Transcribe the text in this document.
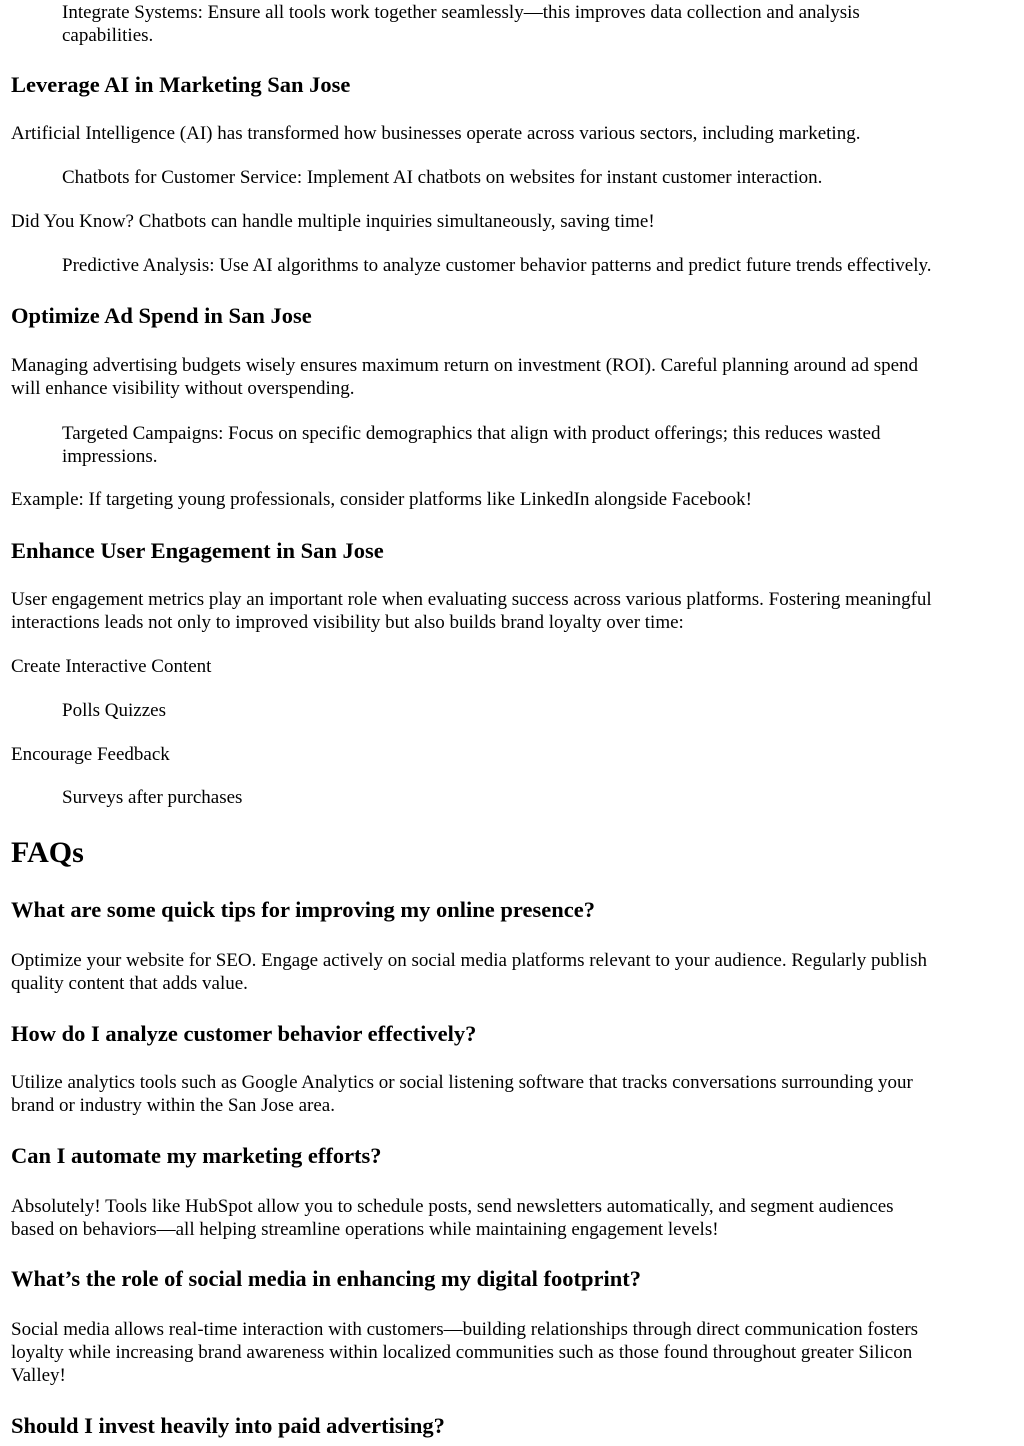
Integrate Systems: Ensure all tools work together seamlessly—this improves data collection and analysis

capabilities.

Leverage AI in Marketing San Jose

Artificial Intelligence (AI) has transformed how businesses operate across various sectors, including marketing.

Chatbots for Customer Service: Implement AI chatbots on websites for instant customer interaction.

Did You Know? Chatbots can handle multiple inquiries simultaneously, saving time!

Predictive Analysis: Use AI algorithms to analyze customer behavior patterns and predict future trends effectively.

Optimize Ad Spend in San Jose

Managing advertising budgets wisely ensures maximum return on investment (ROI). Careful planning around ad spend

will enhance visibility without overspending.

Targeted Campaigns: Focus on specific demographics that align with product offerings; this reduces wasted

impressions.

Example: If targeting young professionals, consider platforms like LinkedIn alongside Facebook!

Enhance User Engagement in San Jose

User engagement metrics play an important role when evaluating success across various platforms. Fostering meaningful

interactions leads not only to improved visibility but also builds brand loyalty over time:

Create Interactive Content

Polls Quizzes

Encourage Feedback

Surveys after purchases

FAQs
What are some quick tips for improving my online presence?

Optimize your website for SEO. Engage actively on social media platforms relevant to your audience. Regularly publish

quality content that adds value.

How do I analyze customer behavior effectively?

Utilize analytics tools such as Google Analytics or social listening software that tracks conversations surrounding your

brand or industry within the San Jose area.

Can I automate my marketing efforts?

Absolutely! Tools like HubSpot allow you to schedule posts, send newsletters automatically, and segment audiences

based on behaviors—all helping streamline operations while maintaining engagement levels!

What’s the role of social media in enhancing my digital footprint?

Social media allows real-time interaction with customers—building relationships through direct communication fosters

loyalty while increasing brand awareness within localized communities such as those found throughout greater Silicon

Valley!

Should I invest heavily into paid advertising?
